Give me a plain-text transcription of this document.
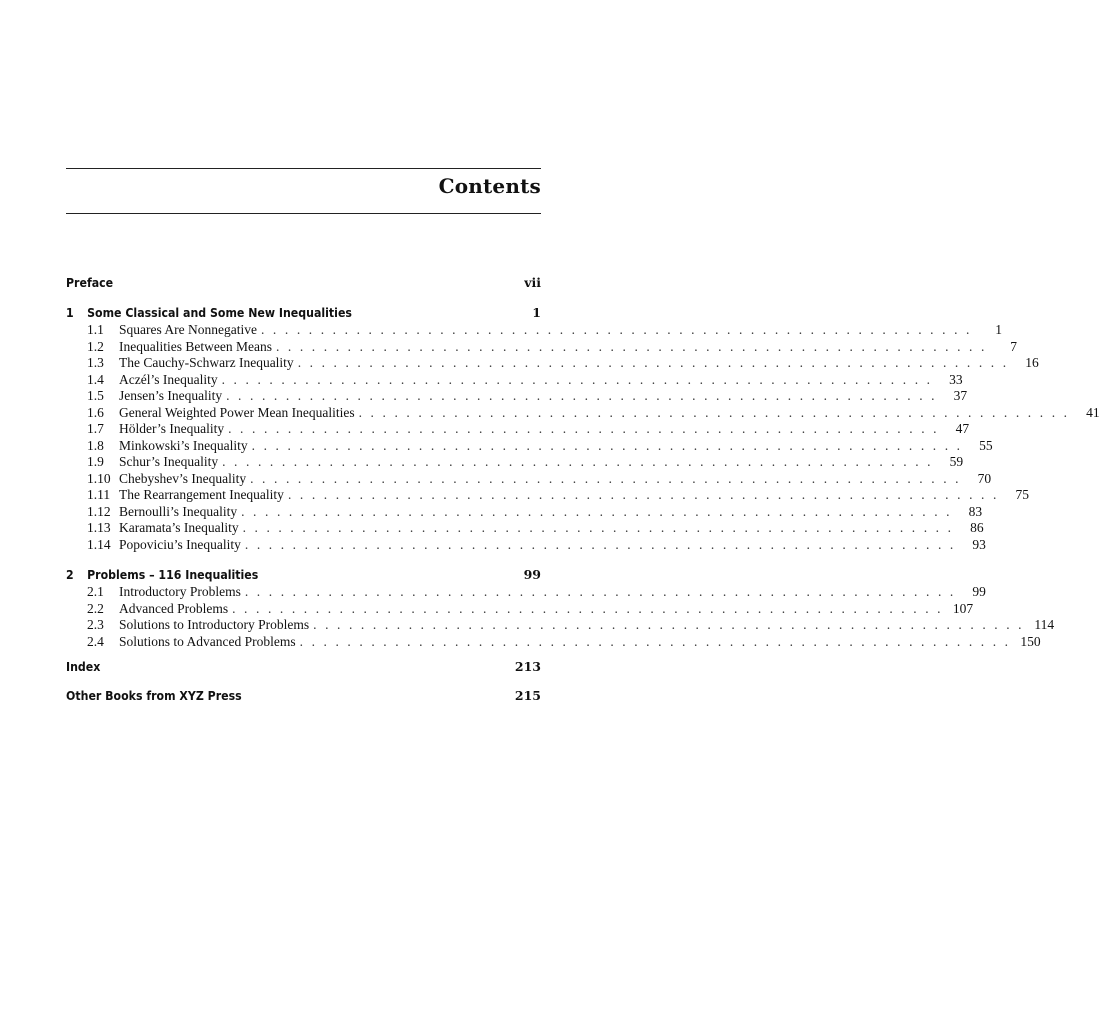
Contents
Preface	vii
1 Some Classical and Some New Inequalities	1
1.1	Squares Are Nonnegative . . . . . . . . . . . . . . . . . . . . . . . . . . . . . . . . . . . . . . . . . . . . . . . . . . . . . . . . . . . .	1
1.2	Inequalities Between Means . . . . . . . . . . . . . . . . . . . . . . . . . . . . . . . . . . . . . . . . . . . . . . . . . . . . . . . . . . . .	7
1.3	The Cauchy-Schwarz Inequality . . . . . . . . . . . . . . . . . . . . . . . . . . . . . . . . . . . . . . . . . . . . . . . . . . . . . . . . . . . .	16
1.4	Aczél’s Inequality . . . . . . . . . . . . . . . . . . . . . . . . . . . . . . . . . . . . . . . . . . . . . . . . . . . . . . . . . . . .	33
1.5	Jensen’s Inequality . . . . . . . . . . . . . . . . . . . . . . . . . . . . . . . . . . . . . . . . . . . . . . . . . . . . . . . . . . . .	37
1.6	General Weighted Power Mean Inequalities . . . . . . . . . . . . . . . . . . . . . . . . . . . . . . . . . . . . . . . . . . . . . . . . . . . . . . . . . . . .	41
1.7	Hölder’s Inequality . . . . . . . . . . . . . . . . . . . . . . . . . . . . . . . . . . . . . . . . . . . . . . . . . . . . . . . . . . . .	47
1.8	Minkowski’s Inequality . . . . . . . . . . . . . . . . . . . . . . . . . . . . . . . . . . . . . . . . . . . . . . . . . . . . . . . . . . . .	55
1.9	Schur’s Inequality . . . . . . . . . . . . . . . . . . . . . . . . . . . . . . . . . . . . . . . . . . . . . . . . . . . . . . . . . . . .	59
1.10 Chebyshev’s Inequality . . . . . . . . . . . . . . . . . . . . . . . . . . . . . . . . . . . . . . . . . . . . . . . . . . . . . . . . . . . .	70
1.11 The Rearrangement Inequality . . . . . . . . . . . . . . . . . . . . . . . . . . . . . . . . . . . . . . . . . . . . . . . . . . . . . . . . . . . .	75
1.12 Bernoulli’s Inequality . . . . . . . . . . . . . . . . . . . . . . . . . . . . . . . . . . . . . . . . . . . . . . . . . . . . . . . . . . . .	83
1.13 Karamata’s Inequality . . . . . . . . . . . . . . . . . . . . . . . . . . . . . . . . . . . . . . . . . . . . . . . . . . . . . . . . . . . .	86
1.14 Popoviciu’s Inequality . . . . . . . . . . . . . . . . . . . . . . . . . . . . . . . . . . . . . . . . . . . . . . . . . . . . . . . . . . . .	93
2 Problems – 116 Inequalities	99
2.1	Introductory Problems . . . . . . . . . . . . . . . . . . . . . . . . . . . . . . . . . . . . . . . . . . . . . . . . . . . . . . . . . . . .	99
2.2	Advanced Problems . . . . . . . . . . . . . . . . . . . . . . . . . . . . . . . . . . . . . . . . . . . . . . . . . . . . . . . . . . . . 107
2.3	Solutions to Introductory Problems . . . . . . . . . . . . . . . . . . . . . . . . . . . . . . . . . . . . . . . . . . . . . . . . . . . . . . . . . . . . 114
2.4	Solutions to Advanced Problems . . . . . . . . . . . . . . . . . . . . . . . . . . . . . . . . . . . . . . . . . . . . . . . . . . . . . . . . . . . . 150
Index	213
Other Books from XYZ Press	215
